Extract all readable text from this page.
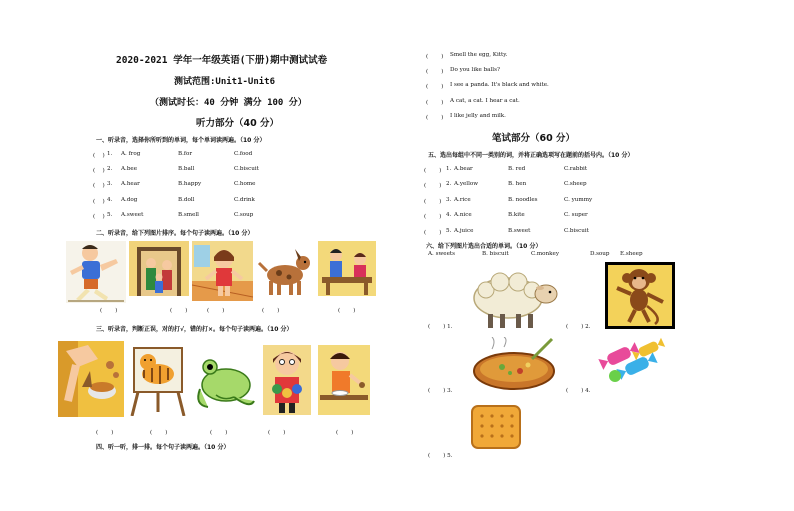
2020-2021 学年一年级英语(下册)期中测试试卷
测试范围:Unit1-Unit6
（测试时长：40 分钟 满分 100 分）
听力部分（40 分）
一、听录音，选择你所听到的单词，每个单词读两遍。（10 分）
(　 ) 1. A. frog	B.for	C.food
(　 ) 2. A.bee	B.ball	C.biscuit
(　 ) 3. A.hear	B.happy	C.home
(　 ) 4. A.dog	B.doll	C.drink
(　 ) 5. A.sweet	B.smell	C.soup
二、听录音，给下列图片排序。每个句子读两遍。（10 分）
(　　 )	(　　 )	(　　 )	(　　 )	(　　 )
三、听录音，判断正误，对的打√，错的打×。每个句子读两遍。（10 分）
(　　 )	(　　 )	(　　 )	(　　 )	(　　 )
四、听一听，排一排。每个句子读两遍。（10 分）
(　　 ) Smell the egg, Kitty.
(　　 ) Do you like balls?
(　　 ) I see a panda. It's black and white.
(　　 ) A cat, a cat. I hear a cat.
(　　 ) I like jelly and milk.
笔试部分（60 分）
五、选出每组中不同一类别的词，并将正确选项写在题前的括号内。（10 分）
(　　 ) 1. A.bear	B. red	C.rabbit
(　　 ) 2. A.yellow	B. hen	C.sheep
(　　 ) 3. A.rice	B. noodles	C. yummy
(　　 ) 4. A.nice	B.kite	C. super
(　　 ) 5. A.juice	B.sweet	C.biscuit
六、给下列图片选出合适的单词。（10 分）
A. sweets	B. biscuit	C.monkey	D.soup E.sheep
(　　 ) 1.	(　　 ) 2.
(　　 ) 3.	(　　 ) 4.
(　　 ) 5.
